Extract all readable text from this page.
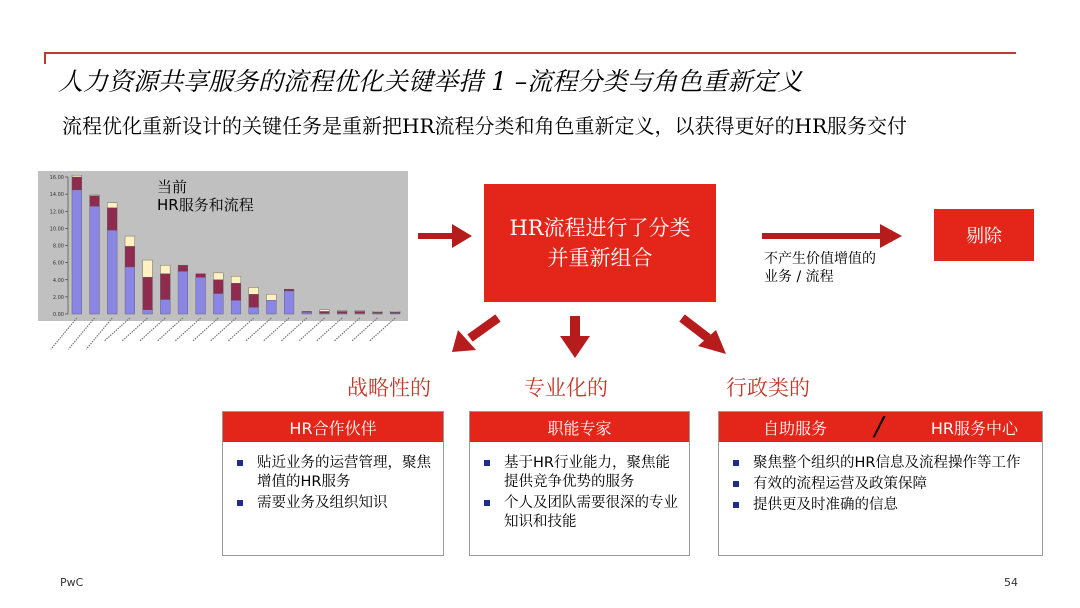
人力资源共享服务的流程优化关键举措 1 –流程分类与角色重新定义
流程优化重新设计的关键任务是重新把HR流程分类和角色重新定义，以获得更好的HR服务交付
0.00
2.00
4.00
6.00
8.00
10.00
12.00
14.00
16.00	当前
HR服务和流程
HR流程进行了分类
并重新组合
剔除
不产生价值增值的
业务 / 流程
战略性的	专业化的	行政类的
HR合作伙伴
贴近业务的运营管理，聚焦增值的HR服务
需要业务及组织知识
职能专家
基于HR行业能力，聚焦能提供竞争优势的服务
个人及团队需要很深的专业知识和技能
自助服务 /	HR服务中心
聚焦整个组织的HR信息及流程操作等工作
有效的流程运营及政策保障
提供更及时准确的信息
PwC	54
